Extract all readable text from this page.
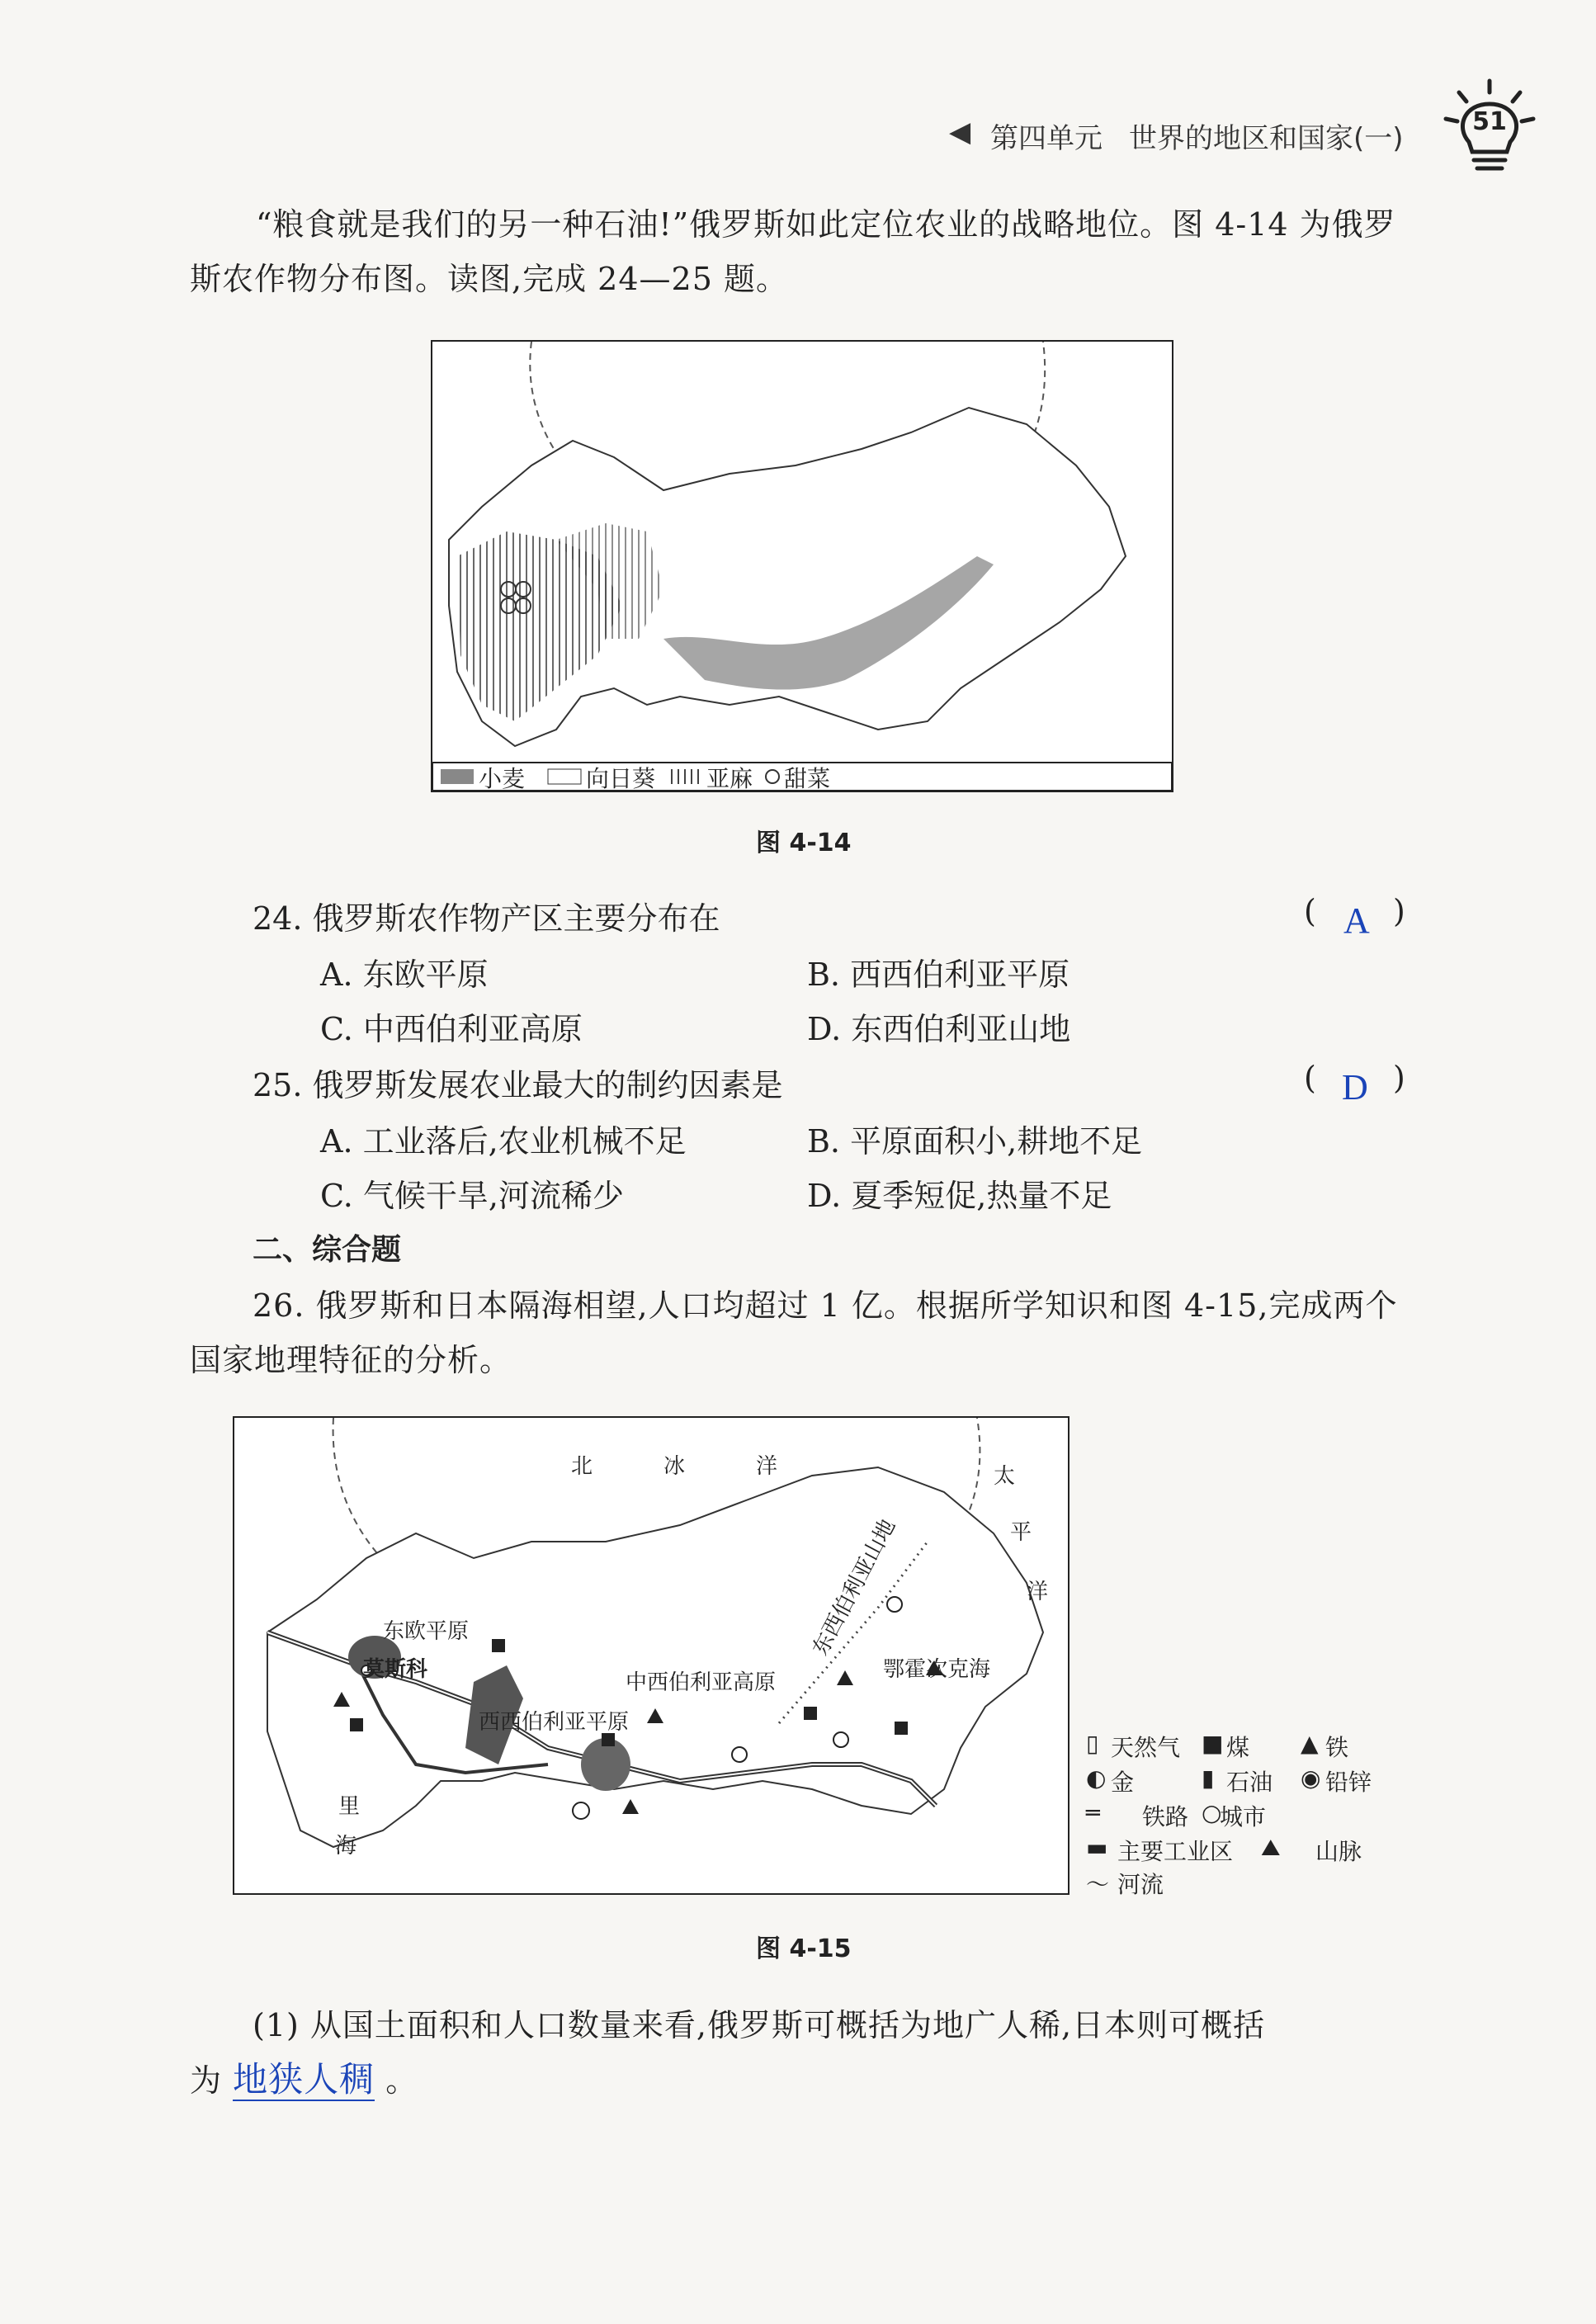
◀ 第四单元 世界的地区和国家(一)
51
“粮食就是我们的另一种石油!”俄罗斯如此定位农业的战略地位。图 4-14 为俄罗
斯农作物分布图。读图,完成 24—25 题。
小麦	向日葵 亚麻 甜菜
图 4-14
24. 俄罗斯农作物产区主要分布在	( A )
A. 东欧平原	B. 西西伯利亚平原
C. 中西伯利亚高原	D. 东西伯利亚山地
25. 俄罗斯发展农业最大的制约因素是	( D )
A. 工业落后,农业机械不足	B. 平原面积小,耕地不足
C. 气候干旱,河流稀少	D. 夏季短促,热量不足
二、综合题
26. 俄罗斯和日本隔海相望,人口均超过 1 亿。根据所学知识和图 4-15,完成两个
国家地理特征的分析。
北	冰	洋	太
平
洋
东欧平原
莫斯科
西西伯利亚平原
中西伯利亚高原
东西伯利亚山地
鄂霍次克海
里
海
▯ 天然气 ■ 煤 ▲ 铁
◐ 金	▮ 石油 ◉ 铅锌
═ 铁路 ○
城市
▬ 主要工业区 ⛰ 山脉
〜 河流
图 4-15
(1) 从国土面积和人口数量来看,俄罗斯可概括为地广人稀,日本则可概括
为 地狭人稠 。
